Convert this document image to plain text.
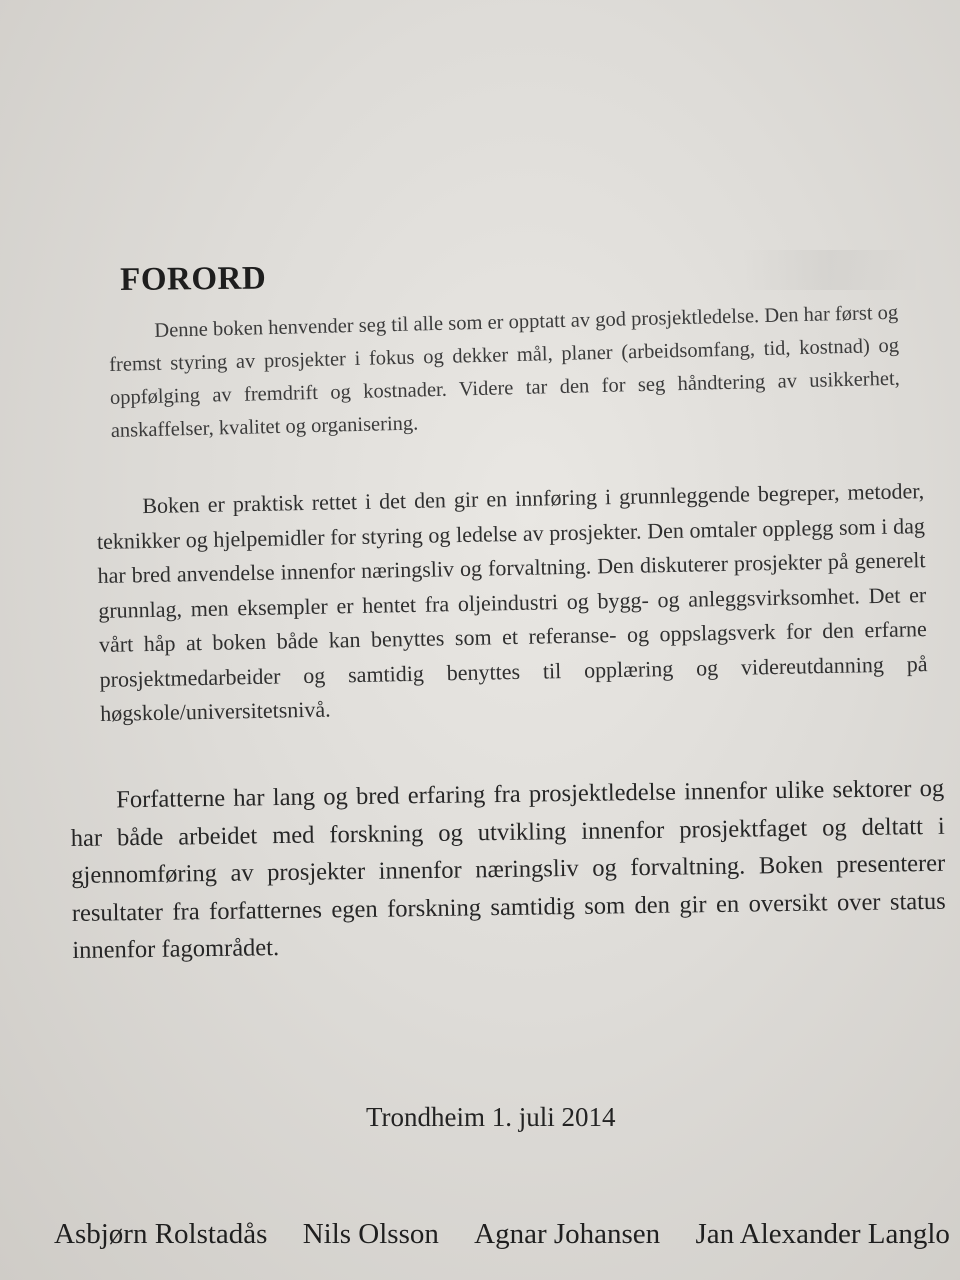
FORORD

Denne boken henvender seg til alle som er opptatt av god prosjektledelse. Den har først og fremst styring av prosjekter i fokus og dekker mål, planer (arbeidsomfang, tid, kostnad) og oppfølging av fremdrift og kostnader. Videre tar den for seg håndtering av usikkerhet, anskaffelser, kvalitet og organisering.

Boken er praktisk rettet i det den gir en innføring i grunnleggende begreper, metoder, teknikker og hjelpemidler for styring og ledelse av prosjekter. Den omtaler opplegg som i dag har bred anvendelse innenfor næringsliv og forvaltning. Den diskuterer prosjekter på generelt grunnlag, men eksempler er hentet fra oljeindustri og bygg- og anleggsvirksomhet. Det er vårt håp at boken både kan benyttes som et referanse- og oppslagsverk for den erfarne prosjektmedarbeider og samtidig benyttes til opplæring og videreutdanning på høgskole/universitetsnivå.

Forfatterne har lang og bred erfaring fra prosjektledelse innenfor ulike sektorer og har både arbeidet med forskning og utvikling innenfor prosjektfaget og deltatt i gjennomføring av prosjekter innenfor næringsliv og forvaltning. Boken presenterer resultater fra forfatternes egen forskning samtidig som den gir en oversikt over status innenfor fagområdet.

Trondheim 1. juli 2014

Asbjørn Rolstadås Nils Olsson Agnar Johansen Jan Alexander Langlo
